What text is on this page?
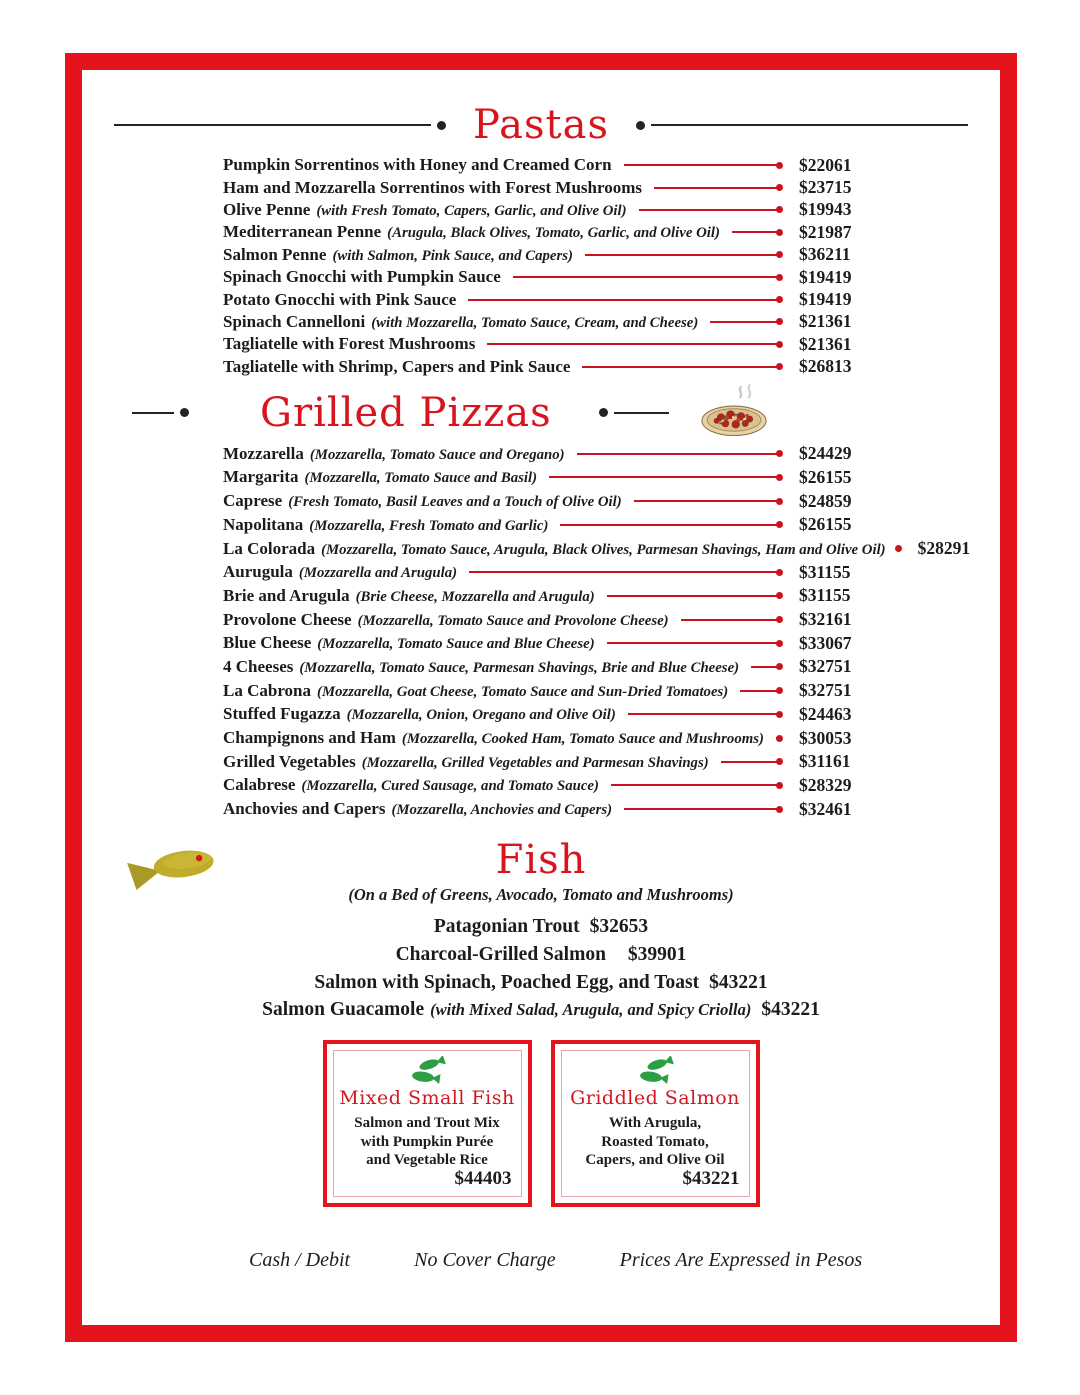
Pastas
Pumpkin Sorrentinos with Honey and Creamed Corn	$22061
Ham and Mozzarella Sorrentinos with Forest Mushrooms	$23715
Olive Penne (with Fresh Tomato, Capers, Garlic, and Olive Oil)	$19943
Mediterranean Penne (Arugula, Black Olives, Tomato, Garlic, and Olive Oil)	$21987
Salmon Penne (with Salmon, Pink Sauce, and Capers)	$36211
Spinach Gnocchi with Pumpkin Sauce	$19419
Potato Gnocchi with Pink Sauce	$19419
Spinach Cannelloni (with Mozzarella, Tomato Sauce, Cream, and Cheese)	$21361
Tagliatelle with Forest Mushrooms	$21361
Tagliatelle with Shrimp, Capers and Pink Sauce	$26813
Grilled Pizzas
Mozzarella (Mozzarella, Tomato Sauce and Oregano)	$24429
Margarita (Mozzarella, Tomato Sauce and Basil)	$26155
Caprese (Fresh Tomato, Basil Leaves and a Touch of Olive Oil)	$24859
Napolitana (Mozzarella, Fresh Tomato and Garlic)	$26155
La Colorada (Mozzarella, Tomato Sauce, Arugula, Black Olives, Parmesan Shavings, Ham and Olive Oil) $28291
Aurugula (Mozzarella and Arugula)	$31155
Brie and Arugula (Brie Cheese, Mozzarella and Arugula)	$31155
Provolone Cheese (Mozzarella, Tomato Sauce and Provolone Cheese)	$32161
Blue Cheese (Mozzarella, Tomato Sauce and Blue Cheese)	$33067
4 Cheeses (Mozzarella, Tomato Sauce, Parmesan Shavings, Brie and Blue Cheese)	$32751
La Cabrona (Mozzarella, Goat Cheese, Tomato Sauce and Sun-Dried Tomatoes)	$32751
Stuffed Fugazza (Mozzarella, Onion, Oregano and Olive Oil)	$24463
Champignons and Ham (Mozzarella, Cooked Ham, Tomato Sauce and Mushrooms) $30053
Grilled Vegetables (Mozzarella, Grilled Vegetables and Parmesan Shavings)	$31161
Calabrese (Mozzarella, Cured Sausage, and Tomato Sauce)	$28329
Anchovies and Capers (Mozzarella, Anchovies and Capers)	$32461
Fish
(On a Bed of Greens, Avocado, Tomato and Mushrooms)
Patagonian Trout $32653
Charcoal-Grilled Salmon $39901
Salmon with Spinach, Poached Egg, and Toast $43221
Salmon Guacamole (with Mixed Salad, Arugula, and Spicy Criolla) $43221
Mixed Small Fish
Salmon and Trout Mix
with Pumpkin Purée
and Vegetable Rice
$44403
Griddled Salmon
With Arugula,
Roasted Tomato,
Capers, and Olive Oil
$43221
Cash / Debit	No Cover Charge	Prices Are Expressed in Pesos
